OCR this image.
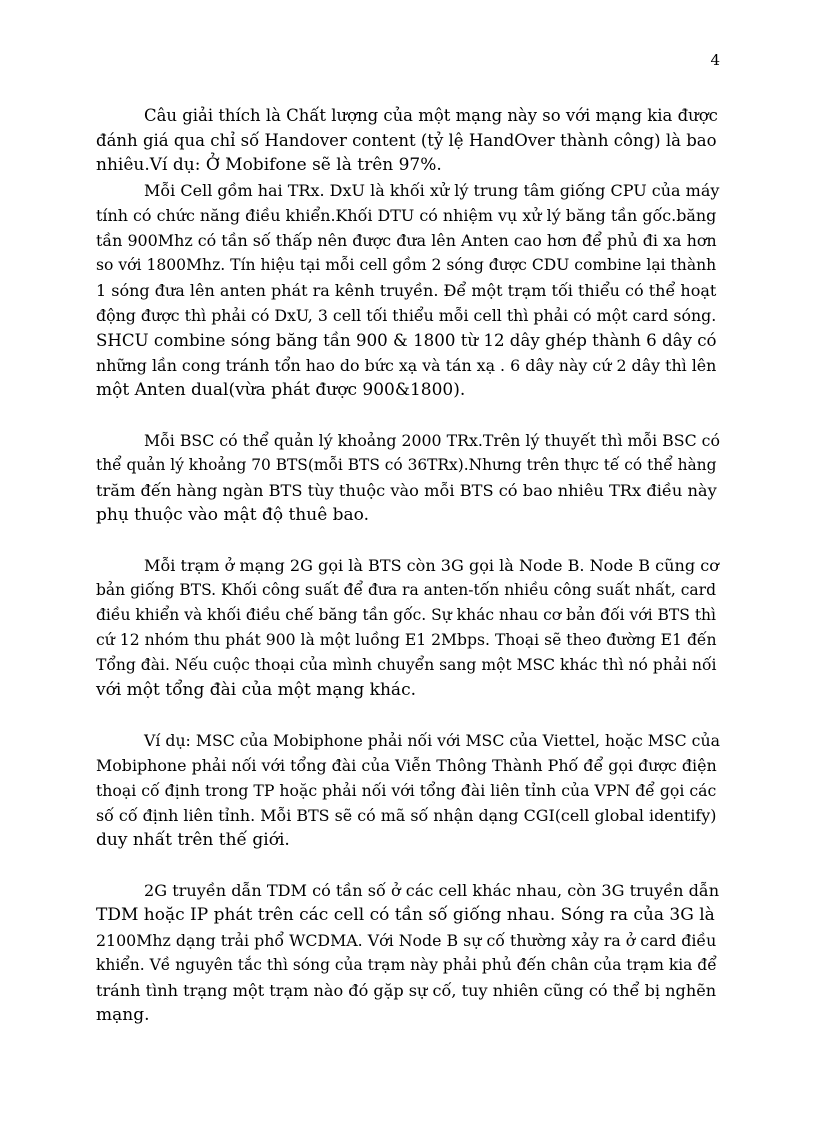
4

Câu giải thích là Chất lượng của một mạng này so với mạng kia được
đánh giá qua chỉ số Handover content (tỷ lệ HandOver thành công) là bao
nhiêu.Ví dụ: Ở Mobifone sẽ là trên 97%.

Mỗi Cell gồm hai TRx. DxU là khối xử lý trung tâm giống CPU của máy
tính có chức năng điều khiển.Khối DTU có nhiệm vụ xử lý băng tần gốc.băng
tần 900Mhz có tần số thấp nên được đưa lên Anten cao hơn để phủ đi xa hơn
so với 1800Mhz. Tín hiệu tại mỗi cell gồm 2 sóng được CDU combine lại thành
1 sóng đưa lên anten phát ra kênh truyền. Để một trạm tối thiểu có thể hoạt
động được thì phải có DxU, 3 cell tối thiểu mỗi cell thì phải có một card sóng.
SHCU combine sóng băng tần 900 & 1800 từ 12 dây ghép thành 6 dây có
những lần cong tránh tổn hao do bức xạ và tán xạ . 6 dây này cứ 2 dây thì lên
một Anten dual(vừa phát được 900&1800).

Mỗi BSC có thể quản lý khoảng 2000 TRx.Trên lý thuyết thì mỗi BSC có
thể quản lý khoảng 70 BTS(mỗi BTS có 36TRx).Nhưng trên thực tế có thể hàng
trăm đến hàng ngàn BTS tùy thuộc vào mỗi BTS có bao nhiêu TRx điều này
phụ thuộc vào mật độ thuê bao.

Mỗi trạm ở mạng 2G gọi là BTS còn 3G gọi là Node B. Node B cũng cơ
bản giống BTS. Khối công suất để đưa ra anten-tốn nhiều công suất nhất, card
điều khiển và khối điều chế băng tần gốc. Sự khác nhau cơ bản đối với BTS thì
cứ 12 nhóm thu phát 900 là một luồng E1 2Mbps. Thoại sẽ theo đường E1 đến
Tổng đài. Nếu cuộc thoại của mình chuyển sang một MSC khác thì nó phải nối
với một tổng đài của một mạng khác.

Ví dụ: MSC của Mobiphone phải nối với MSC của Viettel, hoặc MSC của
Mobiphone phải nối với tổng đài của Viễn Thông Thành Phố để gọi được điện
thoại cố định trong TP hoặc phải nối với tổng đài liên tỉnh của VPN để gọi các
số cố định liên tỉnh. Mỗi BTS sẽ có mã số nhận dạng CGI(cell global identify)
duy nhất trên thế giới.

2G truyền dẫn TDM có tần số ở các cell khác nhau, còn 3G truyền dẫn
TDM hoặc IP phát trên các cell có tần số giống nhau. Sóng ra của 3G là
2100Mhz dạng trải phổ WCDMA. Với Node B sự cố thường xảy ra ở card điều
khiển. Về nguyên tắc thì sóng của trạm này phải phủ đến chân của trạm kia để
tránh tình trạng một trạm nào đó gặp sự cố, tuy nhiên cũng có thể bị nghẽn
mạng.
